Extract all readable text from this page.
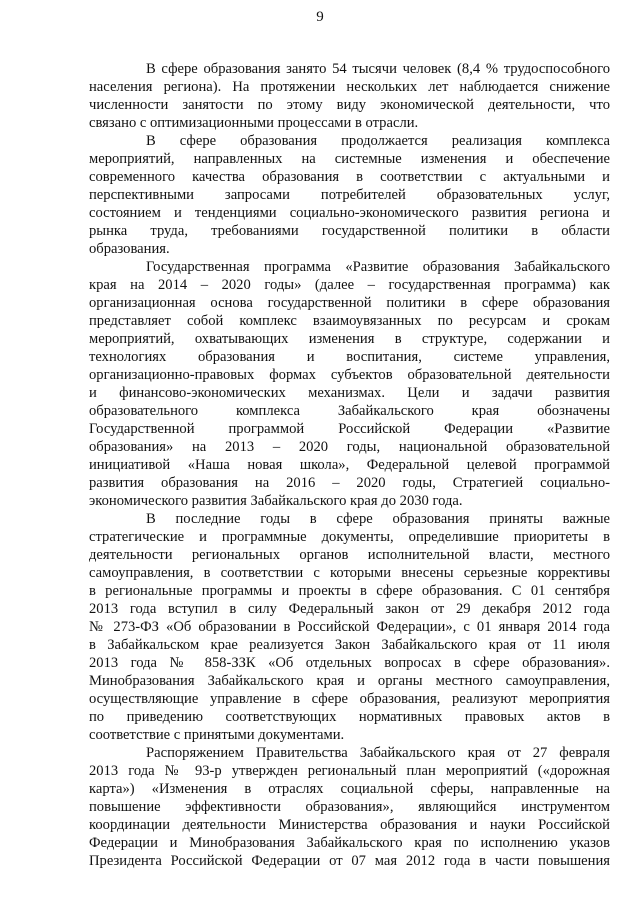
9
В сфере образования занято 54 тысячи человек (8,4 % трудоспособного
населения региона). На протяжении нескольких лет наблюдается снижение
численности занятости по этому виду экономической деятельности, что
связано с оптимизационными процессами в отрасли.
В сфере образования продолжается реализация комплекса
мероприятий, направленных на системные изменения и обеспечение
современного качества образования в соответствии с актуальными и
перспективными запросами потребителей образовательных услуг,
состоянием и тенденциями социально-экономического развития региона и
рынка труда, требованиями государственной политики в области
образования.
Государственная программа «Развитие образования Забайкальского
края на 2014 – 2020 годы» (далее – государственная программа) как
организационная основа государственной политики в сфере образования
представляет собой комплекс взаимоувязанных по ресурсам и срокам
мероприятий, охватывающих изменения в структуре, содержании и
технологиях образования и воспитания, системе управления,
организационно-правовых формах субъектов образовательной деятельности
и финансово-экономических механизмах. Цели и задачи развития
образовательного комплекса Забайкальского края обозначены
Государственной программой Российской Федерации «Развитие
образования» на 2013 – 2020 годы, национальной образовательной
инициативой «Наша новая школа», Федеральной целевой программой
развития образования на 2016 – 2020 годы, Стратегией социально-
экономического развития Забайкальского края до 2030 года.
В последние годы в сфере образования приняты важные
стратегические и программные документы, определившие приоритеты в
деятельности региональных органов исполнительной власти, местного
самоуправления, в соответствии с которыми внесены серьезные коррективы
в региональные программы и проекты в сфере образования. С 01 сентября
2013 года вступил в силу Федеральный закон от 29 декабря 2012 года
№ 273-ФЗ «Об образовании в Российской Федерации», с 01 января 2014 года
в Забайкальском крае реализуется Закон Забайкальского края от 11 июля
2013 года № 858-ЗЗК «Об отдельных вопросах в сфере образования».
Минобразования Забайкальского края и органы местного самоуправления,
осуществляющие управление в сфере образования, реализуют мероприятия
по приведению соответствующих нормативных правовых актов в
соответствие с принятыми документами.
Распоряжением Правительства Забайкальского края от 27 февраля
2013 года № 93-р утвержден региональный план мероприятий («дорожная
карта») «Изменения в отраслях социальной сферы, направленные на
повышение эффективности образования», являющийся инструментом
координации деятельности Министерства образования и науки Российской
Федерации и Минобразования Забайкальского края по исполнению указов
Президента Российской Федерации от 07 мая 2012 года в части повышения
